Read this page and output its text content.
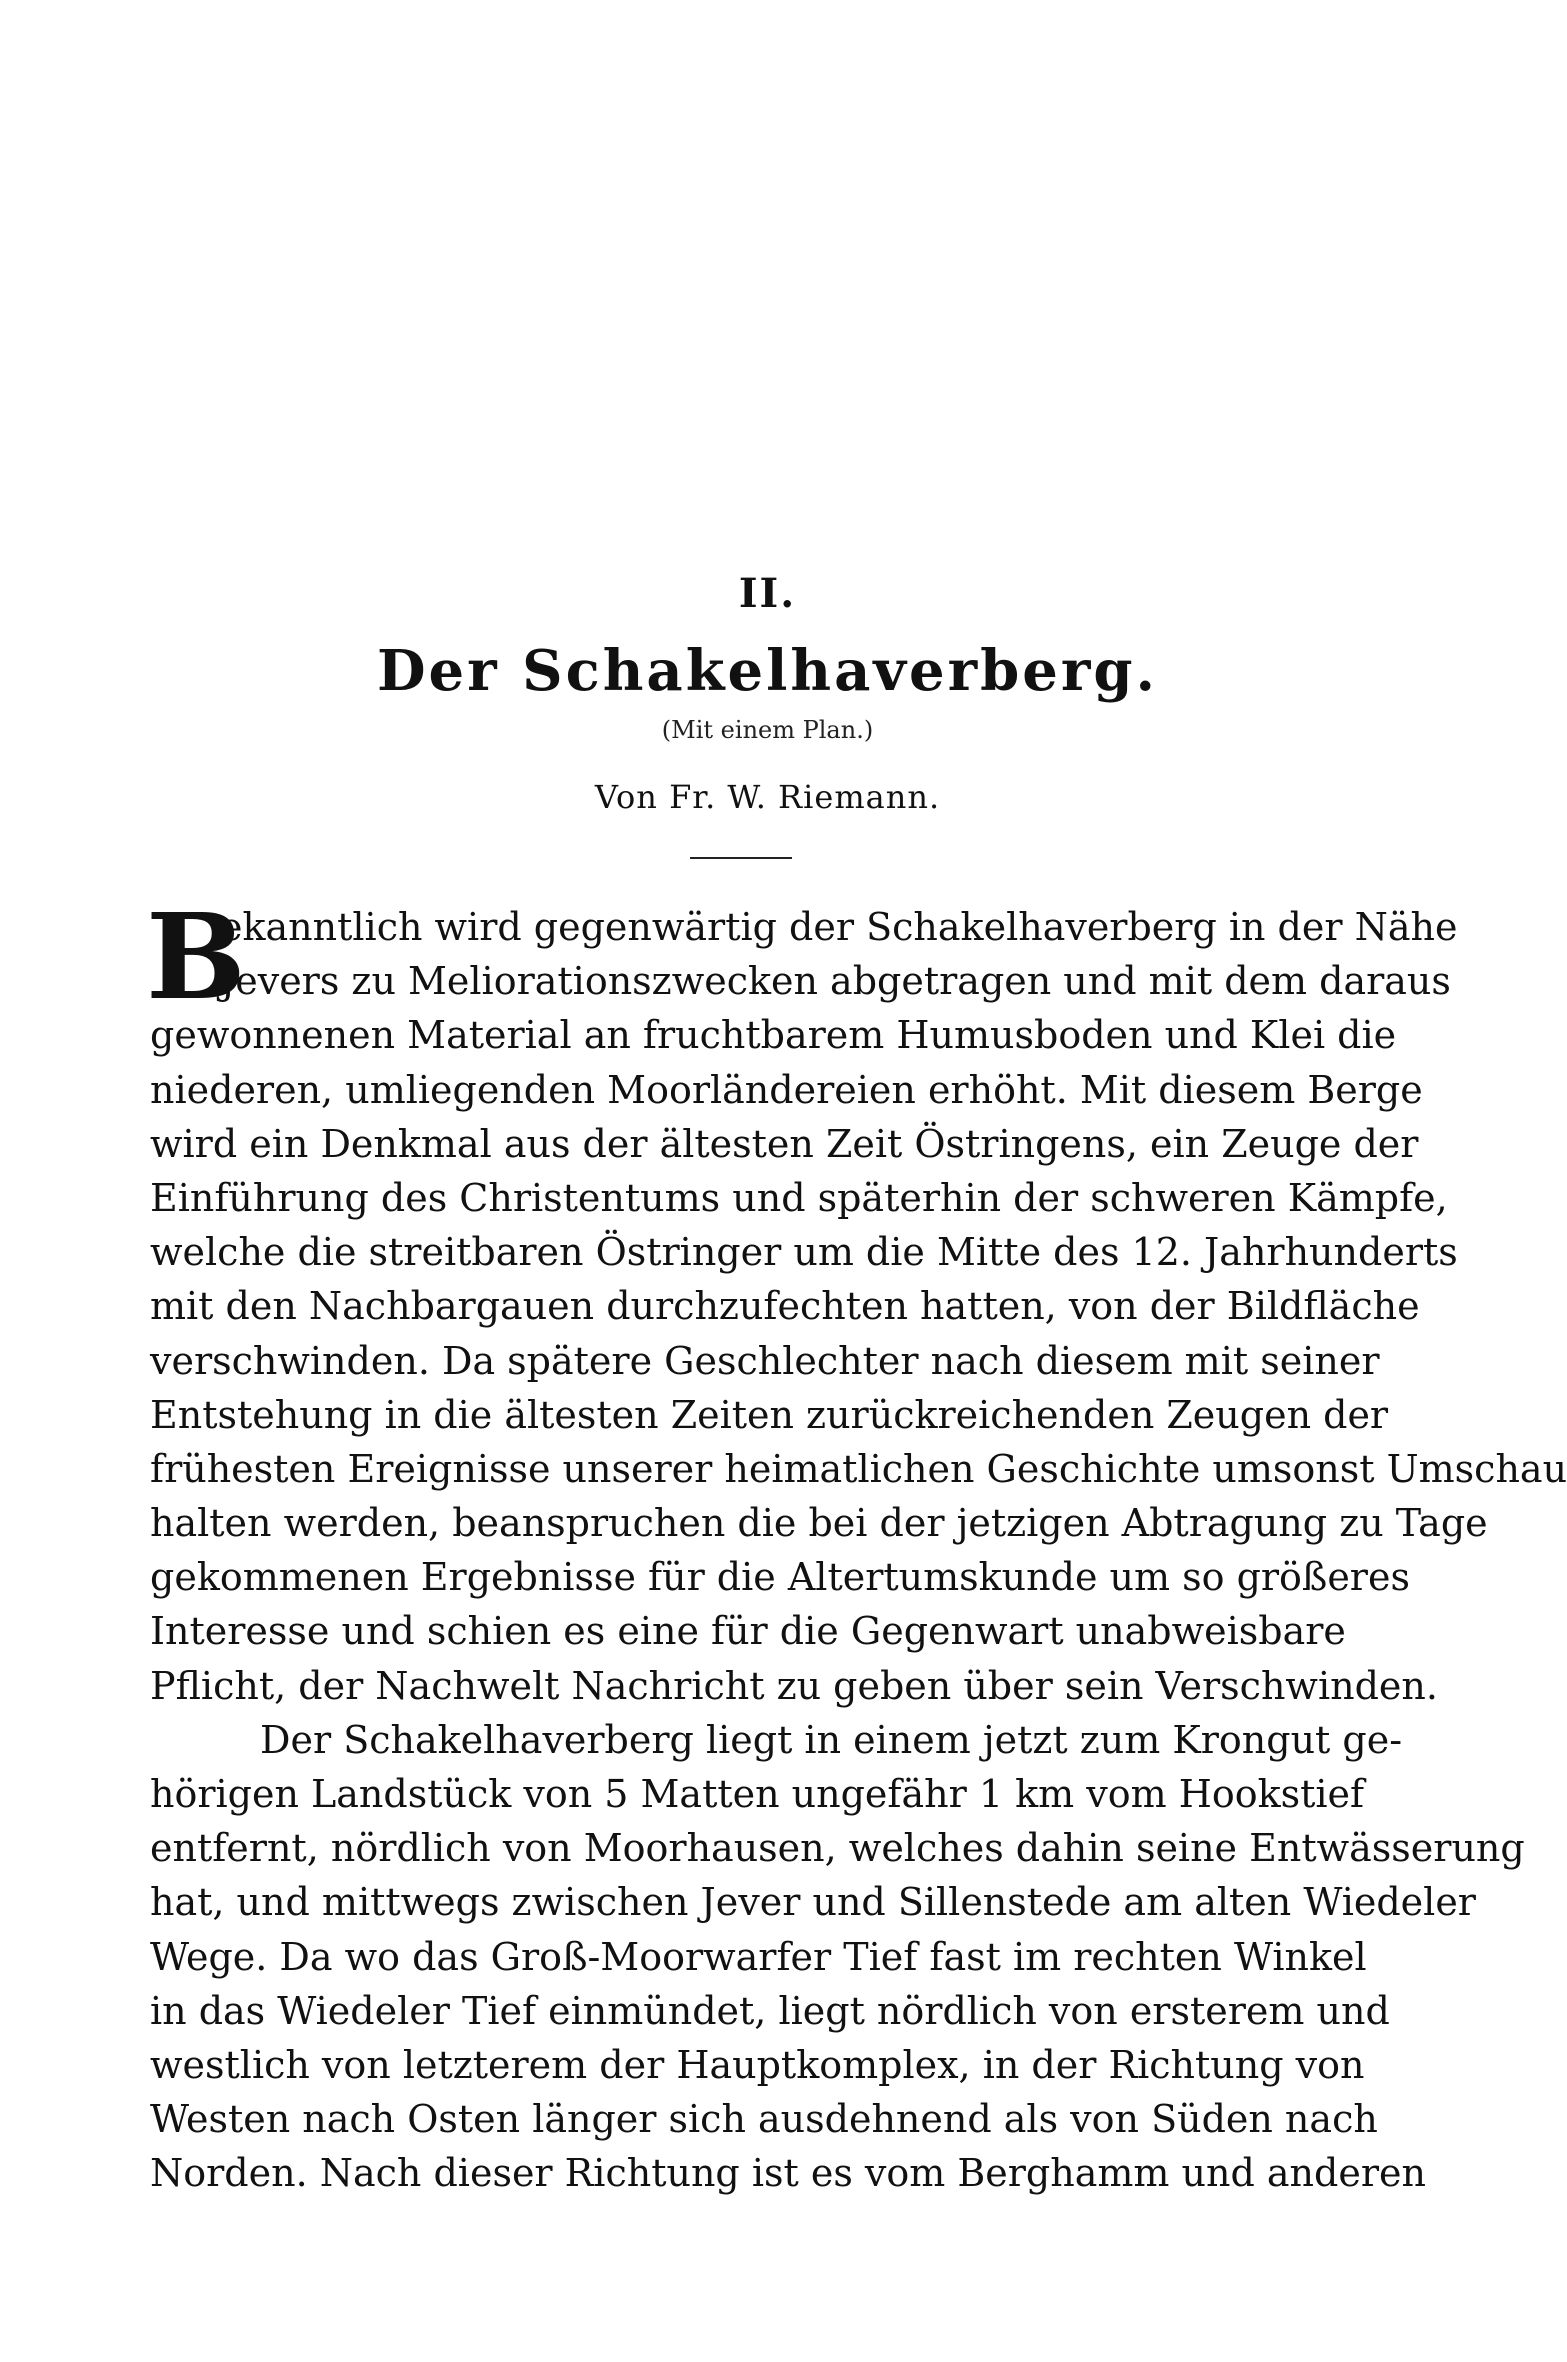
II.
Der Schakelhaverberg.
(Mit einem Plan.)
Von Fr. W. Riemann.
B
ekanntlich wird gegenwärtig der Schakelhaverberg in der Nähe
Jevers zu Meliorationszwecken abgetragen und mit dem daraus
gewonnenen Material an fruchtbarem Humusboden und Klei die
niederen, umliegenden Moorländereien erhöht. Mit diesem Berge
wird ein Denkmal aus der ältesten Zeit Östringens, ein Zeuge der
Einführung des Christentums und späterhin der schweren Kämpfe,
welche die streitbaren Östringer um die Mitte des 12. Jahrhunderts
mit den Nachbargauen durchzufechten hatten, von der Bildfläche
verschwinden. Da spätere Geschlechter nach diesem mit seiner
Entstehung in die ältesten Zeiten zurückreichenden Zeugen der
frühesten Ereignisse unserer heimatlichen Geschichte umsonst Umschau
halten werden, beanspruchen die bei der jetzigen Abtragung zu Tage
gekommenen Ergebnisse für die Altertumskunde um so größeres
Interesse und schien es eine für die Gegenwart unabweisbare
Pflicht, der Nachwelt Nachricht zu geben über sein Verschwinden.
Der Schakelhaverberg liegt in einem jetzt zum Krongut ge-
hörigen Landstück von 5 Matten ungefähr 1 km vom Hookstief
entfernt, nördlich von Moorhausen, welches dahin seine Entwässerung
hat, und mittwegs zwischen Jever und Sillenstede am alten Wiedeler
Wege. Da wo das Groß-Moorwarfer Tief fast im rechten Winkel
in das Wiedeler Tief einmündet, liegt nördlich von ersterem und
westlich von letzterem der Hauptkomplex, in der Richtung von
Westen nach Osten länger sich ausdehnend als von Süden nach
Norden. Nach dieser Richtung ist es vom Berghamm und anderen
